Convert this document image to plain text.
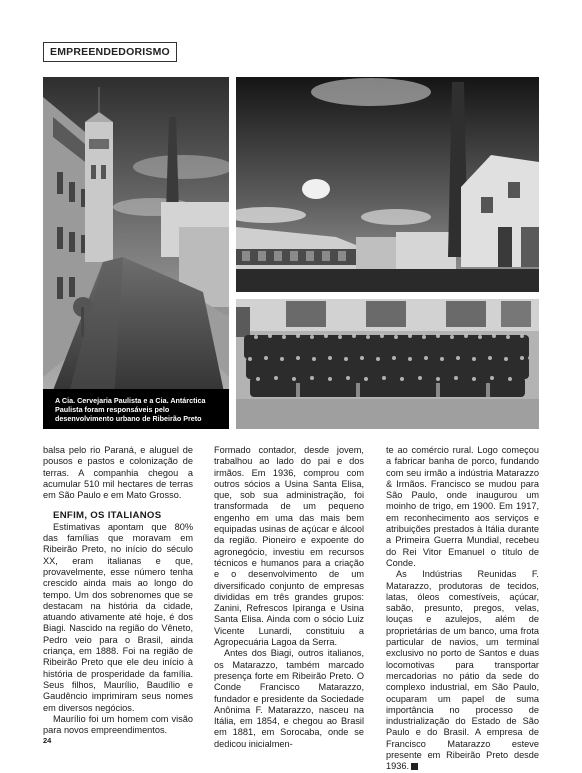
EMPREENDEDORISMO
A Cia. Cervejaria Paulista e a Cia. Antárctica Paulista foram responsáveis pelo desenvolvimento urbano de Ribeirão Preto

balsa pelo rio Paraná, e aluguel de pousos e pastos e colonização de terras. A companhia chegou a acumular 510 mil hectares de terras em São Paulo e em Mato Grosso.

ENFIM, OS ITALIANOS

Estimativas apontam que 80% das famílias que moravam em Ribeirão Preto, no início do século XX, eram italianas e que, provavelmente, esse número tenha crescido ainda mais ao longo do tempo. Um dos sobrenomes que se destacam na história da cidade, atuando ativamente até hoje, é dos Biagi. Nascido na região do Vêneto, Pedro veio para o Brasil, ainda criança, em 1888. Foi na região de Ribeirão Preto que ele deu início à história de prosperidade da família. Seus filhos, Maurílio, Baudílio e Gaudêncio imprimiram seus nomes em diversos negócios.

Maurílio foi um homem com visão para novos empreendimentos.

Formado contador, desde jovem, trabalhou ao lado do pai e dos irmãos. Em 1936, comprou com outros sócios a Usina Santa Elisa, que, sob sua administração, foi transformada de um pequeno engenho em uma das mais bem equipadas usinas de açúcar e álcool da região. Pioneiro e expoente do agronegócio, investiu em recursos técnicos e humanos para a criação e o desenvolvimento de um diversificado conjunto de empresas divididas em três grandes grupos: Zanini, Refrescos Ipiranga e Usina Santa Elisa. Ainda com o sócio Luiz Vicente Lunardi, constituiu a Agropecuária Lagoa da Serra.

Antes dos Biagi, outros italianos, os Matarazzo, também marcado presença forte em Ribeirão Preto. O Conde Francisco Matarazzo, fundador e presidente da Sociedade Anônima F. Matarazzo, nasceu na Itália, em 1854, e chegou ao Brasil em 1881, em Sorocaba, onde se dedicou inicialmen-

te ao comércio rural. Logo começou a fabricar banha de porco, fundando com seu irmão a indústria Matarazzo & Irmãos. Francisco se mudou para São Paulo, onde inaugurou um moinho de trigo, em 1900. Em 1917, em reconhecimento aos serviços e atribuições prestados à Itália durante a Primeira Guerra Mundial, recebeu do Rei Vitor Emanuel o título de Conde.

As Indústrias Reunidas F. Matarazzo, produtoras de tecidos, latas, óleos comestíveis, açúcar, sabão, presunto, pregos, velas, louças e azulejos, além de proprietárias de um banco, uma frota particular de navios, um terminal exclusivo no porto de Santos e duas locomotivas para transportar mercadorias no pátio da sede do complexo industrial, em São Paulo, ocuparam um papel de suma importância no processo de industrialização do Estado de São Paulo e do Brasil. A empresa de Francisco Matarazzo esteve presente em Ribeirão Preto desde 1936.

24
